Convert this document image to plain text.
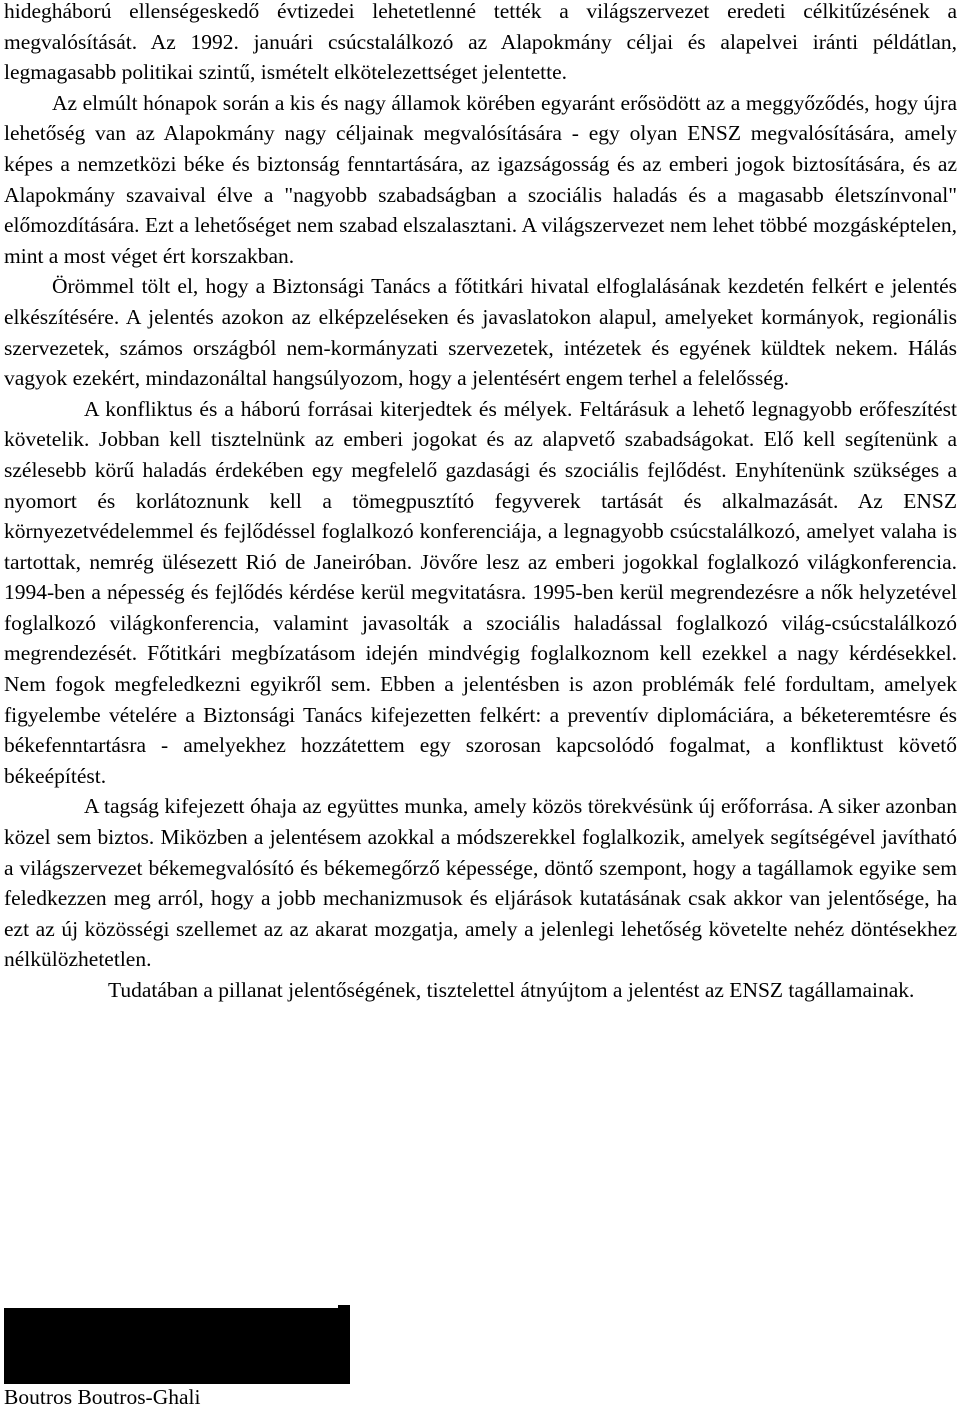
hidegháború ellenségeskedő évtizedei lehetetlenné tették a világszervezet eredeti célkitűzésének a megvalósítását. Az 1992. januári csúcstalálkozó az Alapokmány céljai és alapelvei iránti példátlan, legmagasabb politikai szintű, ismételt elkötelezettséget jelentette.

Az elmúlt hónapok során a kis és nagy államok körében egyaránt erősödött az a meggyőződés, hogy újra lehetőség van az Alapokmány nagy céljainak megvalósítására - egy olyan ENSZ megvalósítására, amely képes a nemzetközi béke és biztonság fenntartására, az igazságosság és az emberi jogok biztosítására, és az Alapokmány szavaival élve a "nagyobb szabadságban a szociális haladás és a magasabb életszínvonal" előmozdítására. Ezt a lehetőséget nem szabad elszalasztani. A világszervezet nem lehet többé mozgásképtelen, mint a most véget ért korszakban.

Örömmel tölt el, hogy a Biztonsági Tanács a főtitkári hivatal elfoglalásának kezdetén felkért e jelentés elkészítésére. A jelentés azokon az elképzeléseken és javaslatokon alapul, amelyeket kormányok, regionális szervezetek, számos országból nem-kormányzati szervezetek, intézetek és egyének küldtek nekem. Hálás vagyok ezekért, mindazonáltal hangsúlyozom, hogy a jelentésért engem terhel a felelősség.

A konfliktus és a háború forrásai kiterjedtek és mélyek. Feltárásuk a lehető legnagyobb erőfeszítést követelik. Jobban kell tisztelnünk az emberi jogokat és az alapvető szabadságokat. Elő kell segítenünk a szélesebb körű haladás érdekében egy megfelelő gazdasági és szociális fejlődést. Enyhítenünk szükséges a nyomort és korlátoznunk kell a tömegpusztító fegyverek tartását és alkalmazását. Az ENSZ környezetvédelemmel és fejlődéssel foglalkozó konferenciája, a legnagyobb csúcstalálkozó, amelyet valaha is tartottak, nemrég ülésezett Rió de Janeiróban. Jövőre lesz az emberi jogokkal foglalkozó világkonferencia. 1994-ben a népesség és fejlődés kérdése kerül megvitatásra. 1995-ben kerül megrendezésre a nők helyzetével foglalkozó világkonferencia, valamint javasolták a szociális haladással foglalkozó világ-csúcstalálkozó megrendezését. Főtitkári megbízatásom idején mindvégig foglalkoznom kell ezekkel a nagy kérdésekkel. Nem fogok megfeledkezni egyikről sem. Ebben a jelentésben is azon problémák felé fordultam, amelyek figyelembe vételére a Biztonsági Tanács kifejezetten felkért: a preventív diplomáciára, a béketeremtésre és békefenntartásra - amelyekhez hozzátettem egy szorosan kapcsolódó fogalmat, a konfliktust követő békeépítést.

A tagság kifejezett óhaja az együttes munka, amely közös törekvésünk új erőforrása. A siker azonban közel sem biztos. Miközben a jelentésem azokkal a módszerekkel foglalkozik, amelyek segítségével javítható a világszervezet békemegvalósító és békemegőrző képessége, döntő szempont, hogy a tagállamok egyike sem feledkezzen meg arról, hogy a jobb mechanizmusok és eljárások kutatásának csak akkor van jelentősége, ha ezt az új közösségi szellemet az az akarat mozgatja, amely a jelenlegi lehetőség követelte nehéz döntésekhez nélkülözhetetlen.

Tudatában a pillanat jelentőségének, tisztelettel átnyújtom a jelentést az ENSZ tagállamainak.

Boutros Boutros-Ghali
